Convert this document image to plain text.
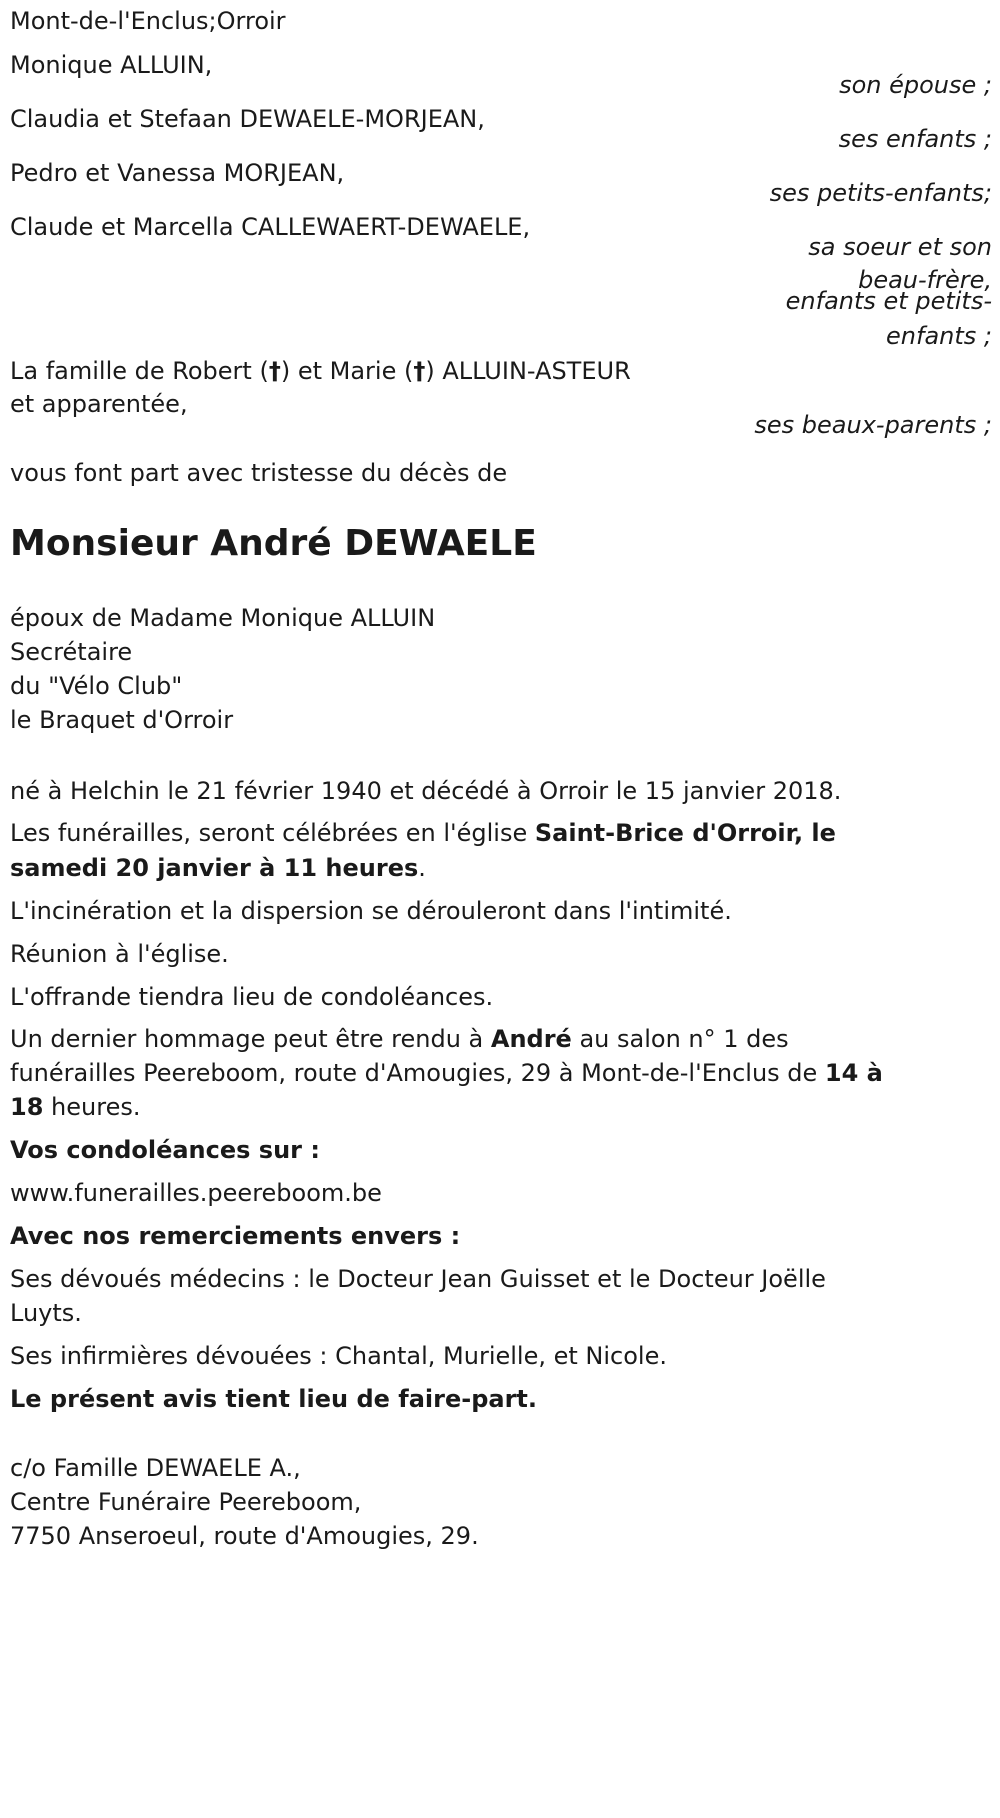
Mont-de-l'Enclus;Orroir

Monique ALLUIN,

son épouse ;

Claudia et Stefaan DEWAELE-MORJEAN,

ses enfants ;

Pedro et Vanessa MORJEAN,

ses petits-enfants;

Claude et Marcella CALLEWAERT-DEWAELE,

sa soeur et son

beau-frère,

enfants et petits-

enfants ;

La famille de Robert (†) et Marie (†) ALLUIN-ASTEUR

et apparentée,

ses beaux-parents ;

vous font part avec tristesse du décès de

Monsieur André DEWAELE

époux de Madame Monique ALLUIN

Secrétaire

du "Vélo Club"

le Braquet d'Orroir

né à Helchin le 21 février 1940 et décédé à Orroir le 15 janvier 2018.

Les funérailles, seront célébrées en l'église Saint-Brice d'Orroir, le

samedi 20 janvier à 11 heures.

L'incinération et la dispersion se dérouleront dans l'intimité.

Réunion à l'église.

L'offrande tiendra lieu de condoléances.

Un dernier hommage peut être rendu à André au salon n° 1 des

funérailles Peereboom, route d'Amougies, 29 à Mont-de-l'Enclus de 14 à

18 heures.

Vos condoléances sur :

www.funerailles.peereboom.be

Avec nos remerciements envers :

Ses dévoués médecins : le Docteur Jean Guisset et le Docteur Joëlle

Luyts.

Ses infirmières dévouées : Chantal, Murielle, et Nicole.

Le présent avis tient lieu de faire-part.

c/o Famille DEWAELE A.,

Centre Funéraire Peereboom,

7750 Anseroeul, route d'Amougies, 29.
